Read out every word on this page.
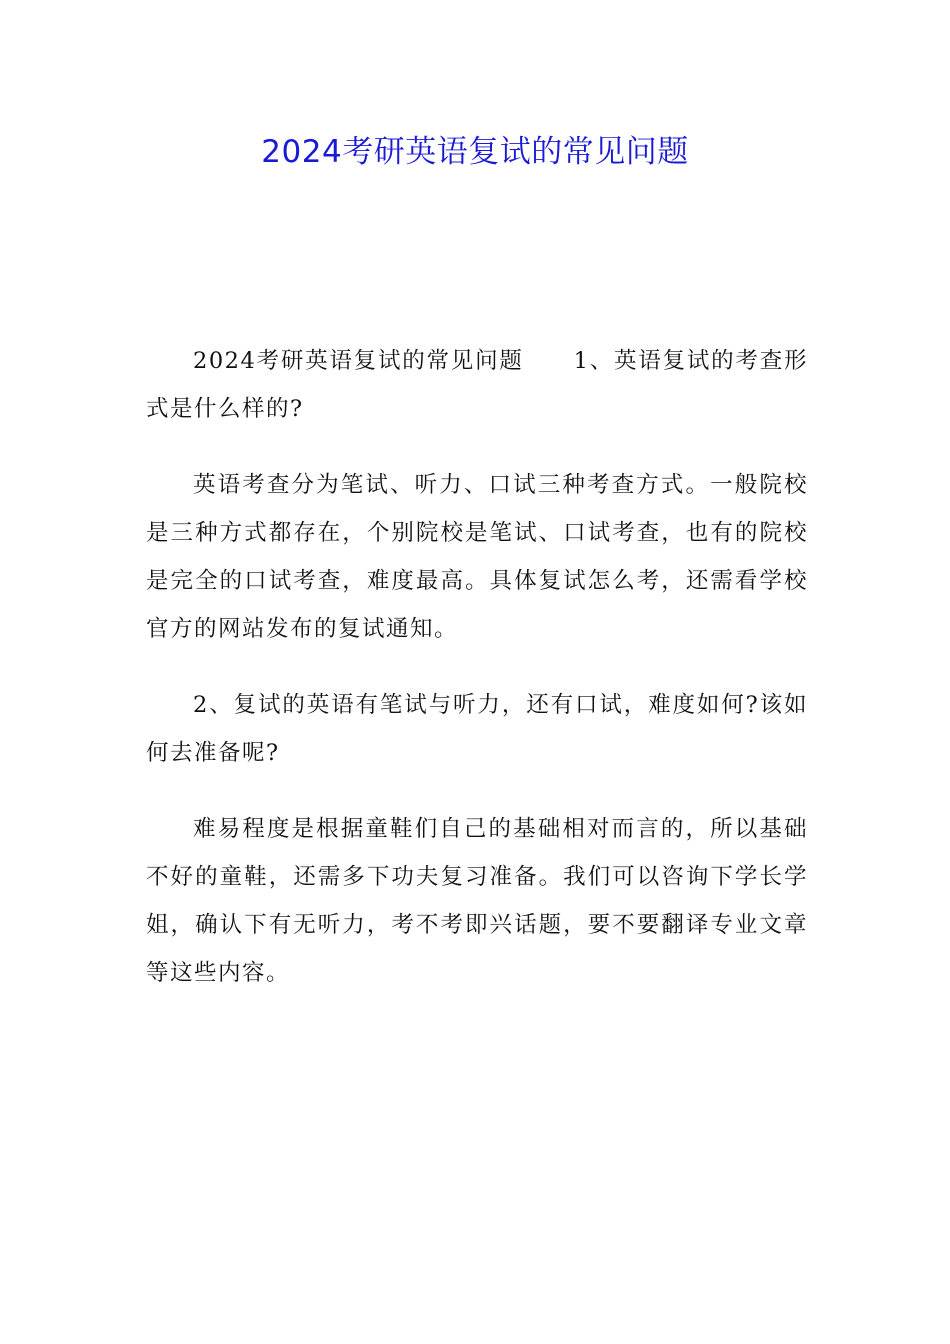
2024考研英语复试的常见问题

2024考研英语复试的常见问题 1、英语复试的考查形式是什么样的?

英语考查分为笔试、听力、口试三种考查方式。一般院校是三种方式都存在，个别院校是笔试、口试考查，也有的院校是完全的口试考查，难度最高。具体复试怎么考，还需看学校官方的网站发布的复试通知。

2、复试的英语有笔试与听力，还有口试，难度如何?该如何去准备呢?

难易程度是根据童鞋们自己的基础相对而言的，所以基础不好的童鞋，还需多下功夫复习准备。我们可以咨询下学长学姐，确认下有无听力，考不考即兴话题，要不要翻译专业文章等这些内容。
